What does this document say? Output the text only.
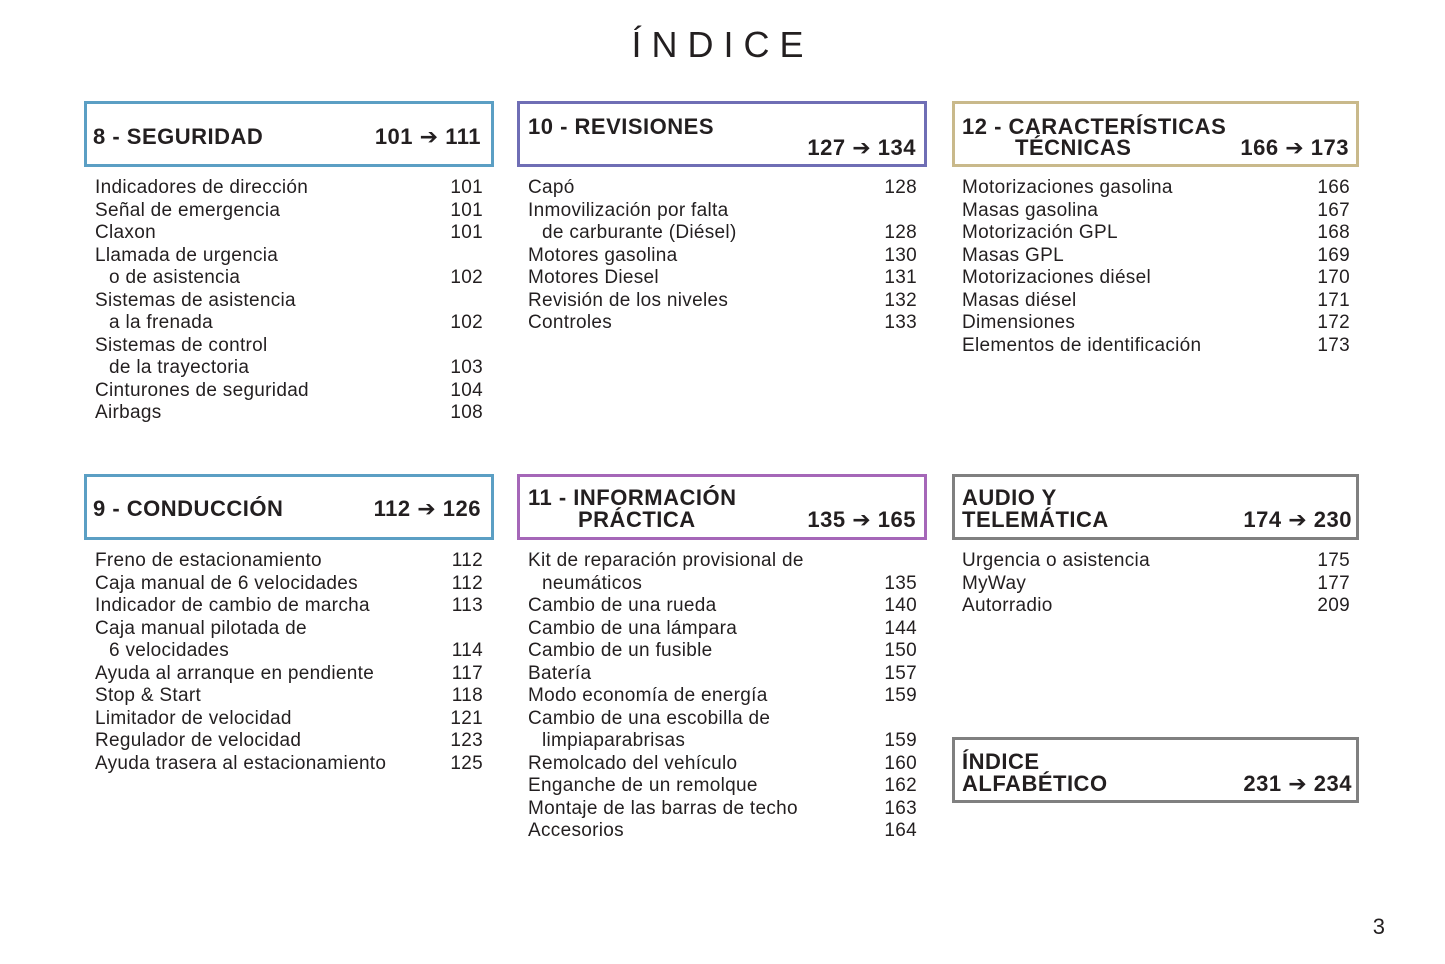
ÍNDICE
8 - SEGURIDAD	101 ➔ 111
Indicadores de dirección	101
Señal de emergencia	101
Claxon	101
Llamada de urgencia
o de asistencia	102
Sistemas de asistencia
a la frenada	102
Sistemas de control
de la trayectoria	103
Cinturones de seguridad	104
Airbags	108
10 - REVISIONES
127 ➔ 134
Capó	128
Inmovilización por falta
de carburante (Diésel)	128
Motores gasolina	130
Motores Diesel	131
Revisión de los niveles	132
Controles	133
12 - CARACTERÍSTICAS
TÉCNICAS	166 ➔ 173
Motorizaciones gasolina	166
Masas gasolina	167
Motorización GPL	168
Masas GPL	169
Motorizaciones diésel	170
Masas diésel	171
Dimensiones	172
Elementos de identificación	173
9 - CONDUCCIÓN	112 ➔ 126
Freno de estacionamiento	112
Caja manual de 6 velocidades	112
Indicador de cambio de marcha	113
Caja manual pilotada de
6 velocidades	114
Ayuda al arranque en pendiente	117
Stop & Start	118
Limitador de velocidad	121
Regulador de velocidad	123
Ayuda trasera al estacionamiento	125
11 - INFORMACIÓN
PRÁCTICA	135 ➔ 165
Kit de reparación provisional de
neumáticos	135
Cambio de una rueda	140
Cambio de una lámpara	144
Cambio de un fusible	150
Batería	157
Modo economía de energía	159
Cambio de una escobilla de
limpiaparabrisas	159
Remolcado del vehículo	160
Enganche de un remolque	162
Montaje de las barras de techo	163
Accesorios	164
AUDIO Y
TELEMÁTICA	174 ➔ 230
Urgencia o asistencia	175
MyWay	177
Autorradio	209
ÍNDICE
ALFABÉTICO	231 ➔ 234
3
